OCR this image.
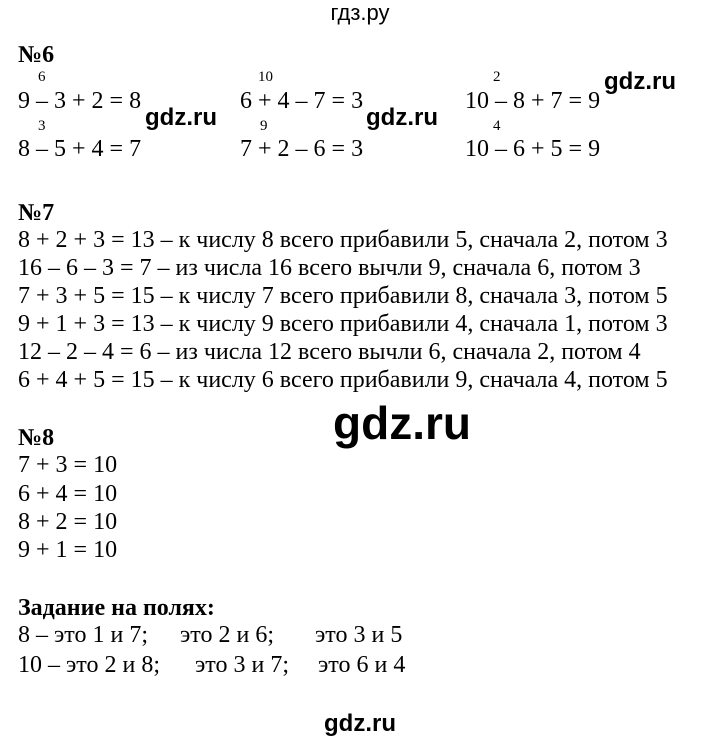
гдз.ру
№6
6
9 – 3 + 2 = 8
10
6 + 4 – 7 = 3
2
10 – 8 + 7 = 9
3
8 – 5 + 4 = 7
9
7 + 2 – 6 = 3
4
10 – 6 + 5 = 9
gdz.ru	gdz.ru
gdz.ru
№7
8 + 2 + 3 = 13 – к числу 8 всего прибавили 5, сначала 2, потом 3
16 – 6 – 3 = 7 – из числа 16 всего вычли 9, сначала 6, потом 3
7 + 3 + 5 = 15 – к числу 7 всего прибавили 8, сначала 3, потом 5
9 + 1 + 3 = 13 – к числу 9 всего прибавили 4, сначала 1, потом 3
12 – 2 – 4 = 6 – из числа 12 всего вычли 6, сначала 2, потом 4
6 + 4 + 5 = 15 – к числу 6 всего прибавили 9, сначала 4, потом 5
gdz.ru
№8
7 + 3 = 10
6 + 4 = 10
8 + 2 = 10
9 + 1 = 10
Задание на полях:
8 – это 1 и 7; это 2 и 6; это 3 и 5
10 – это 2 и 8; это 3 и 7; это 6 и 4
gdz.ru
